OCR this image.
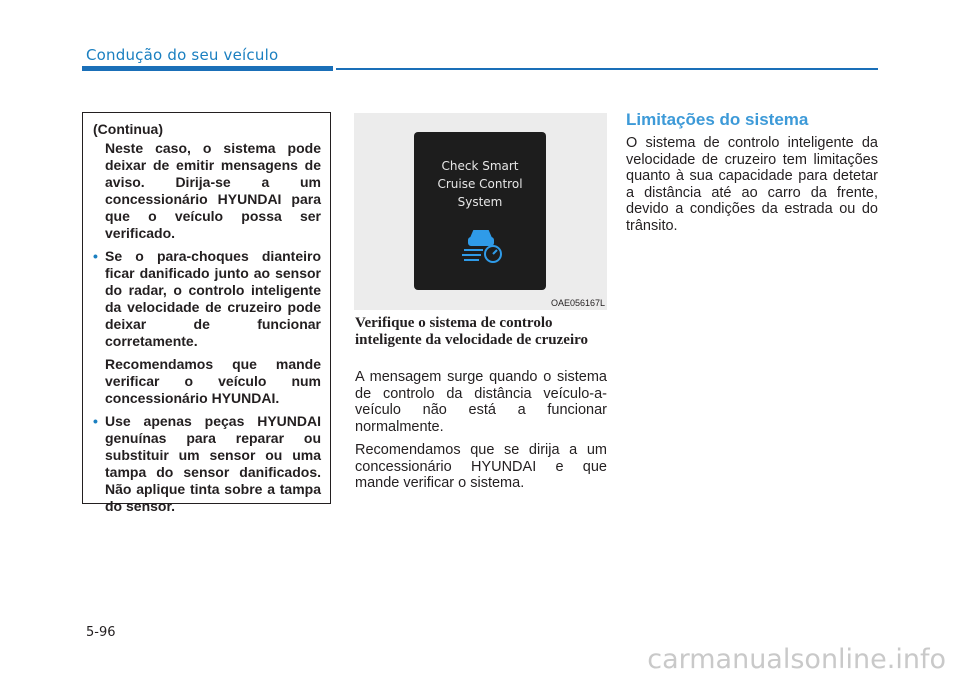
Condução do seu veículo

(Continua)

Neste caso, o sistema pode deixar de emitir mensagens de aviso. Dirija-se a um concessionário HYUNDAI para que o veículo possa ser verificado.

• Se o para-choques dianteiro ficar danificado junto ao sensor do radar, o controlo inteligente da velocidade de cruzeiro pode deixar de funcionar corretamente.

Recomendamos que mande verificar o veículo num concessionário HYUNDAI.

• Use apenas peças HYUNDAI genuínas para reparar ou substituir um sensor ou uma tampa do sensor danificados. Não aplique tinta sobre a tampa do sensor.

Check Smart
Cruise Control
System
OAE056167L
Verifique o sistema de controlo inteligente da velocidade de cruzeiro

A mensagem surge quando o sistema de controlo da distância veículo-a-veículo não está a funcionar normalmente.

Recomendamos que se dirija a um concessionário HYUNDAI e que mande verificar o sistema.

Limitações do sistema

O sistema de controlo inteligente da velocidade de cruzeiro tem limitações quanto à sua capacidade para detetar a distância até ao carro da frente, devido a condições da estrada ou do trânsito.

5-96
carmanualsonline.info
